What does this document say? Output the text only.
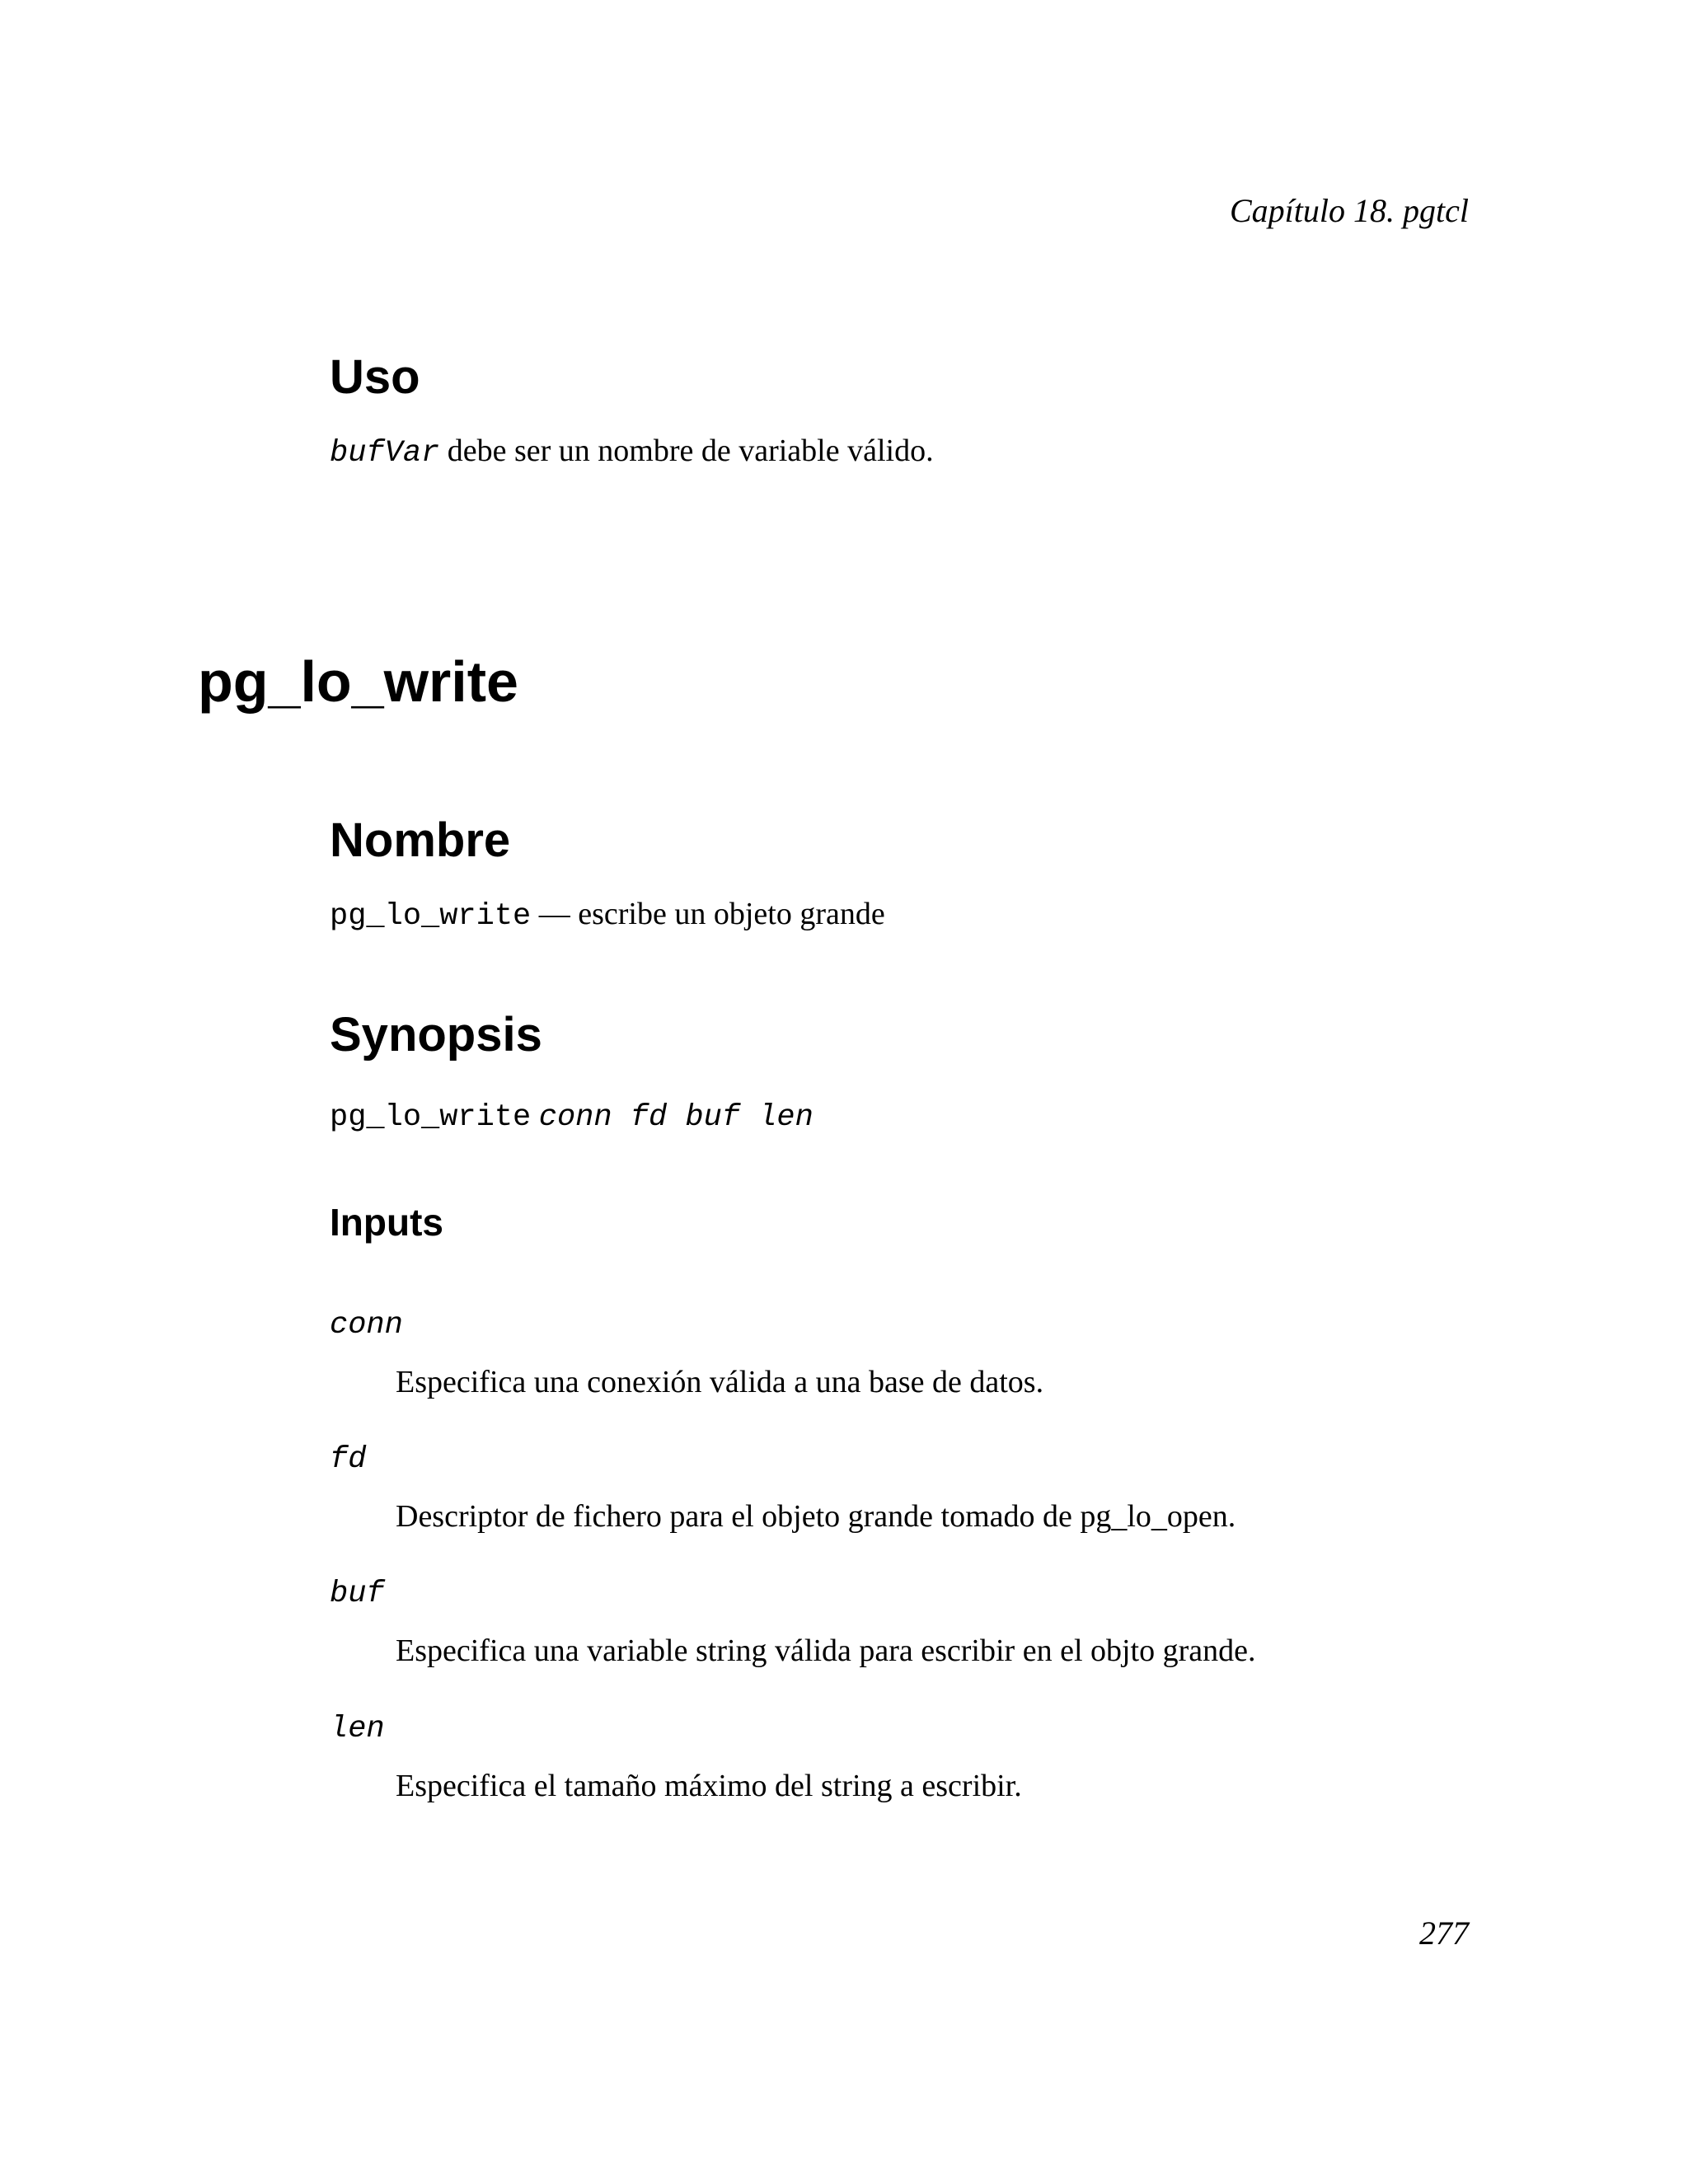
Capítulo 18. pgtcl
Uso

bufVar debe ser un nombre de variable válido.

pg_lo_write
Nombre

pg_lo_write — escribe un objeto grande

Synopsis

pg_lo_write conn fd buf len

Inputs
conn
Especifica una conexión válida a una base de datos.
fd
Descriptor de fichero para el objeto grande tomado de pg_lo_open.
buf
Especifica una variable string válida para escribir en el objto grande.
len
Especifica el tamaño máximo del string a escribir.
277
